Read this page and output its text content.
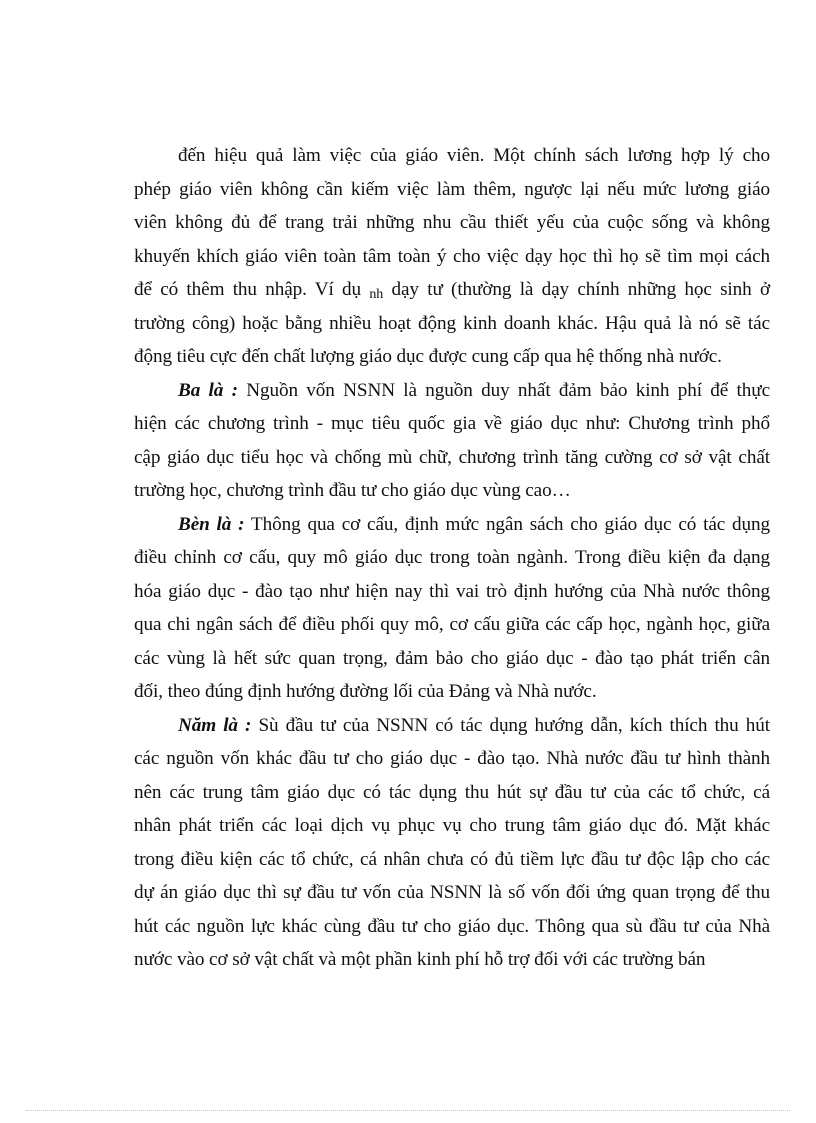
đến hiệu quả làm việc của giáo viên. Một chính sách lương hợp lý cho
phép giáo viên không cần kiếm việc làm thêm, ngược lại nếu mức lương giáo
viên không đủ để trang trải những nhu cầu thiết yếu của cuộc sống và không
khuyến khích giáo viên toàn tâm toàn ý cho việc dạy học thì họ sẽ tìm mọi cách
để có thêm thu nhập. Ví dụ $_{nh}$ dạy tư (thường là dạy chính những học sinh ở
trường công) hoặc bằng nhiều hoạt động kinh doanh khác. Hậu quả là nó sẽ tác
động tiêu cực đến chất lượng giáo dục được cung cấp qua hệ thống nhà nước.
Ba là : Nguồn vốn NSNN là nguồn duy nhất đảm bảo kinh phí để thực
hiện các chương trình - mục tiêu quốc gia về giáo dục như: Chương trình phổ
cập giáo dục tiểu học và chống mù chữ, chương trình tăng cường cơ sở vật chất
trường học, chương trình đầu tư cho giáo dục vùng cao…
Bèn là : Thông qua cơ cấu, định mức ngân sách cho giáo dục có tác dụng
điều chỉnh cơ cấu, quy mô giáo dục trong toàn ngành. Trong điều kiện đa dạng
hóa giáo dục - đào tạo như hiện nay thì vai trò định hướng của Nhà nước thông
qua chi ngân sách để điều phối quy mô, cơ cấu giữa các cấp học, ngành học, giữa
các vùng là hết sức quan trọng, đảm bảo cho giáo dục - đào tạo phát triển cân
đối, theo đúng định hướng đường lối của Đảng và Nhà nước.
Năm là : Sù đầu tư của NSNN có tác dụng hướng dẫn, kích thích thu hút
các nguồn vốn khác đầu tư cho giáo dục - đào tạo. Nhà nước đầu tư hình thành
nên các trung tâm giáo dục có tác dụng thu hút sự đầu tư của các tổ chức, cá
nhân phát triển các loại dịch vụ phục vụ cho trung tâm giáo dục đó. Mặt khác
trong điều kiện các tổ chức, cá nhân chưa có đủ tiềm lực đầu tư độc lập cho các
dự án giáo dục thì sự đầu tư vốn của NSNN là số vốn đối ứng quan trọng để thu
hút các nguồn lực khác cùng đầu tư cho giáo dục. Thông qua sù đầu tư của Nhà
nước vào cơ sở vật chất và một phần kinh phí hỗ trợ đối với các trường bán
